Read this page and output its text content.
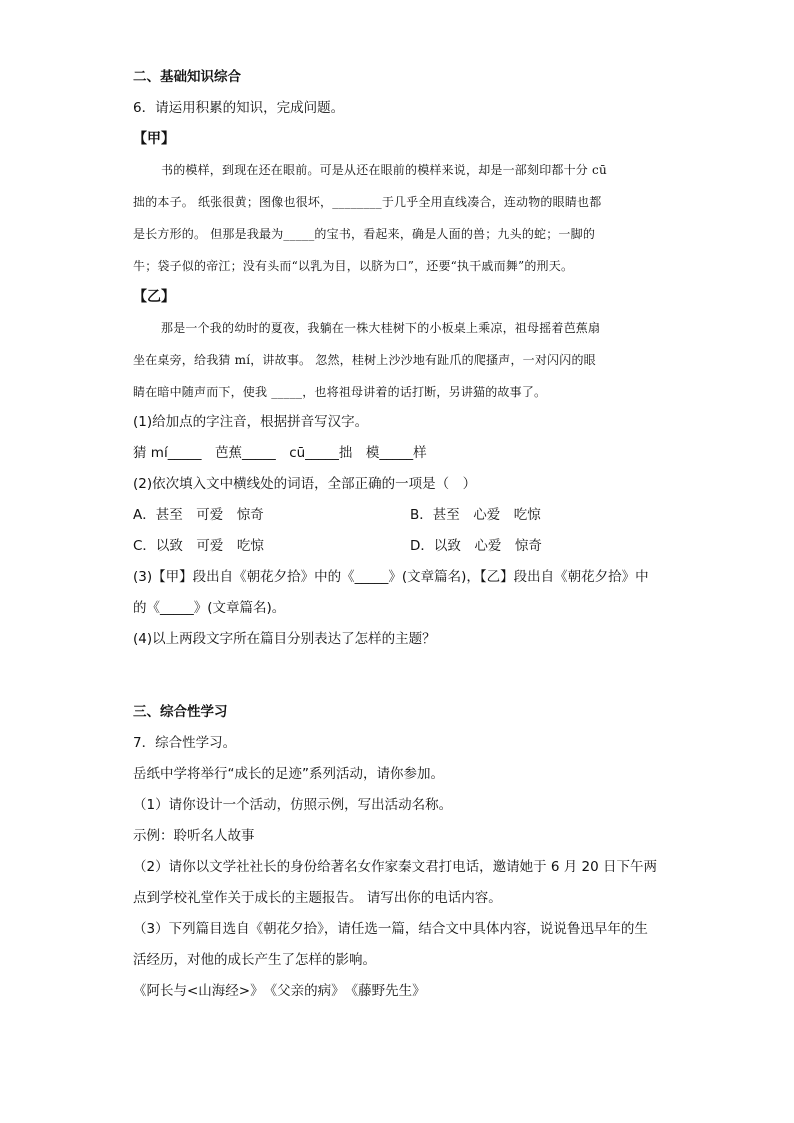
二、基础知识综合
6．请运用积累的知识，完成问题。
【甲】
书的模样，到现在还在眼前。可是从还在眼前的模样来说，却是一部刻印都十分 cū
拙的本子。 纸张很黄；图像也很坏，________于几乎全用直线凑合，连动物的眼睛也都
是长方形的。 但那是我最为_____的宝书，看起来，确是人面的兽；九头的蛇；一脚的
牛；袋子似的帝江；没有头而“以乳为目，以脐为口”，还要“执干戚而舞”的刑天。
【乙】
那是一个我的幼时的夏夜，我躺在一株大桂树下的小板桌上乘凉，祖母摇着芭蕉扇
坐在桌旁，给我猜 mí，讲故事。 忽然，桂树上沙沙地有趾爪的爬搔声，一对闪闪的眼
睛在暗中随声而下，使我 _____，也将祖母讲着的话打断，另讲猫的故事了。
(1)给加点的字注音，根据拼音写汉字。
猜 mí_____　芭蕉_____　cū_____拙　模_____样
(2)依次填入文中横线处的词语，全部正确的一项是（　）
A．甚至　可爱　惊奇	B．甚至　心爱　吃惊
C．以致　可爱　吃惊	D．以致　心爱　惊奇
(3)【甲】段出自《朝花夕拾》中的《_____》(文章篇名)，【乙】段出自《朝花夕拾》中
的《_____》(文章篇名)。
(4)以上两段文字所在篇目分别表达了怎样的主题？
三、综合性学习
7．综合性学习。
岳纸中学将举行“成长的足迹”系列活动，请你参加。
（1）请你设计一个活动，仿照示例，写出活动名称。
示例：聆听名人故事
（2）请你以文学社社长的身份给著名女作家秦文君打电话，邀请她于 6 月 20 日下午两
点到学校礼堂作关于成长的主题报告。 请写出你的电话内容。
（3）下列篇目选自《朝花夕拾》，请任选一篇，结合文中具体内容，说说鲁迅早年的生
活经历，对他的成长产生了怎样的影响。
《阿长与<山海经>》　《父亲的病》　《藤野先生》
